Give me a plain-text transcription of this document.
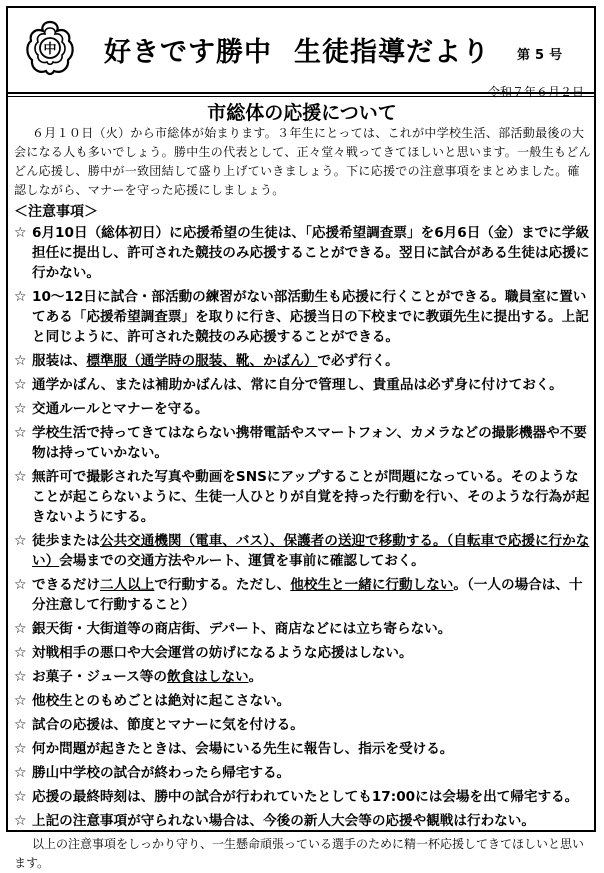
中 好きです勝中 生徒指導だより 第 5 号
令和７年６月２日
市総体の応援について

６月１０日（火）から市総体が始まります。３年生にとっては、これが中学校生活、部活動最後の大会になる人も多いでしょう。勝中生の代表として、正々堂々戦ってきてほしいと思います。一般生もどんどん応援し、勝中が一致団結して盛り上げていきましょう。下に応援での注意事項をまとめました。確認しながら、マナーを守った応援にしましょう。

＜注意事項＞
☆ 6月10日（総体初日）に応援希望の生徒は、「応援希望調査票」を6月6日（金）までに学級担任に提出し、許可された競技のみ応援することができる。翌日に試合がある生徒は応援に行かない。
☆ 10～12日に試合・部活動の練習がない部活動生も応援に行くことができる。職員室に置いてある「応援希望調査票」を取りに行き、応援当日の下校までに教頭先生に提出する。上記と同じように、許可された競技のみ応援することができる。
☆ 服装は、標準服（通学時の服装、靴、かばん）で必ず行く。
☆ 通学かばん、または補助かばんは、常に自分で管理し、貴重品は必ず身に付けておく。
☆ 交通ルールとマナーを守る。
☆ 学校生活で持ってきてはならない携帯電話やスマートフォン、カメラなどの撮影機器や不要物は持っていかない。
☆ 無許可で撮影された写真や動画をSNSにアップすることが問題になっている。そのようなことが起こらないように、生徒一人ひとりが自覚を持った行動を行い、そのような行為が起きないようにする。
☆ 徒歩または公共交通機関（電車、バス）、保護者の送迎で移動する。（自転車で応援に行かない）会場までの交通方法やルート、運賃を事前に確認しておく。
☆ できるだけ二人以上で行動する。ただし、他校生と一緒に行動しない。（一人の場合は、十分注意して行動すること）
☆ 銀天街・大街道等の商店街、デパート、商店などには立ち寄らない。
☆ 対戦相手の悪口や大会運営の妨げになるような応援はしない。
☆ お菓子・ジュース等の飲食はしない。
☆ 他校生とのもめごとは絶対に起こさない。
☆ 試合の応援は、節度とマナーに気を付ける。
☆ 何か問題が起きたときは、会場にいる先生に報告し、指示を受ける。
☆ 勝山中学校の試合が終わったら帰宅する。
☆ 応援の最終時刻は、勝中の試合が行われていたとしても17:00には会場を出て帰宅する。
☆ 上記の注意事項が守られない場合は、今後の新人大会等の応援や観戦は行わない。

以上の注意事項をしっかり守り、一生懸命頑張っている選手のために精一杯応援してきてほしいと思います。
